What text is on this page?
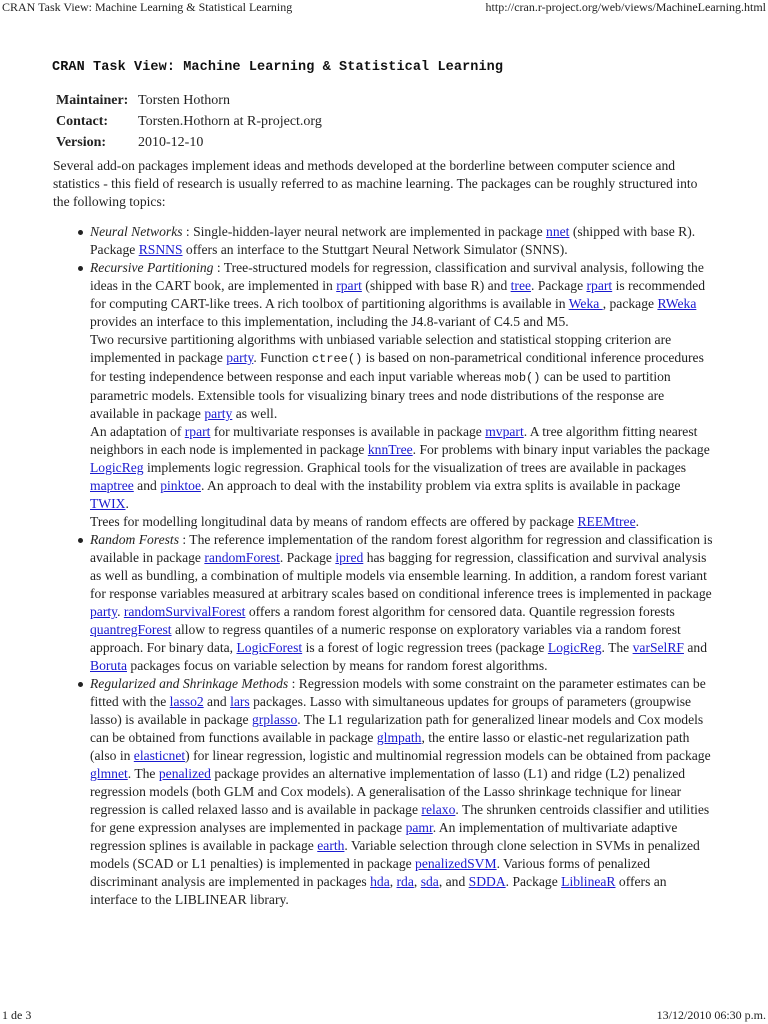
CRAN Task View: Machine Learning & Statistical Learning	http://cran.r-project.org/web/views/MachineLearning.html
CRAN Task View: Machine Learning & Statistical Learning
Maintainer:	Torsten Hothorn
Contact:	Torsten.Hothorn at R-project.org
Version:	2010-12-10

Several add-on packages implement ideas and methods developed at the borderline between computer science and statistics - this field of research is usually referred to as machine learning. The packages can be roughly structured into the following topics:

Neural Networks : Single-hidden-layer neural network are implemented in package nnet (shipped with base R). Package RSNNS offers an interface to the Stuttgart Neural Network Simulator (SNNS).

Recursive Partitioning : Tree-structured models for regression, classification and survival analysis, following the ideas in the CART book, are implemented in rpart (shipped with base R) and tree. Package rpart is recommended for computing CART-like trees. A rich toolbox of partitioning algorithms is available in Weka , package RWeka provides an interface to this implementation, including the J4.8-variant of C4.5 and M5.

Two recursive partitioning algorithms with unbiased variable selection and statistical stopping criterion are implemented in package party. Function ctree() is based on non-parametrical conditional inference procedures for testing independence between response and each input variable whereas mob() can be used to partition parametric models. Extensible tools for visualizing binary trees and node distributions of the response are available in package party as well.

An adaptation of rpart for multivariate responses is available in package mvpart. A tree algorithm fitting nearest neighbors in each node is implemented in package knnTree. For problems with binary input variables the package LogicReg implements logic regression. Graphical tools for the visualization of trees are available in packages maptree and pinktoe. An approach to deal with the instability problem via extra splits is available in package TWIX.

Trees for modelling longitudinal data by means of random effects are offered by package REEMtree.

Random Forests : The reference implementation of the random forest algorithm for regression and classification is available in package randomForest. Package ipred has bagging for regression, classification and survival analysis as well as bundling, a combination of multiple models via ensemble learning. In addition, a random forest variant for response variables measured at arbitrary scales based on conditional inference trees is implemented in package party. randomSurvivalForest offers a random forest algorithm for censored data. Quantile regression forests quantregForest allow to regress quantiles of a numeric response on exploratory variables via a random forest approach. For binary data, LogicForest is a forest of logic regression trees (package LogicReg. The varSelRF and Boruta packages focus on variable selection by means for random forest algorithms.

Regularized and Shrinkage Methods : Regression models with some constraint on the parameter estimates can be fitted with the lasso2 and lars packages. Lasso with simultaneous updates for groups of parameters (groupwise lasso) is available in package grplasso. The L1 regularization path for generalized linear models and Cox models can be obtained from functions available in package glmpath, the entire lasso or elastic-net regularization path (also in elasticnet) for linear regression, logistic and multinomial regression models can be obtained from package glmnet. The penalized package provides an alternative implementation of lasso (L1) and ridge (L2) penalized regression models (both GLM and Cox models). A generalisation of the Lasso shrinkage technique for linear regression is called relaxed lasso and is available in package relaxo. The shrunken centroids classifier and utilities for gene expression analyses are implemented in package pamr. An implementation of multivariate adaptive regression splines is available in package earth. Variable selection through clone selection in SVMs in penalized models (SCAD or L1 penalties) is implemented in package penalizedSVM. Various forms of penalized discriminant analysis are implemented in packages hda, rda, sda, and SDDA. Package LiblineaR offers an interface to the LIBLINEAR library.

1 de 3	13/12/2010 06:30 p.m.
